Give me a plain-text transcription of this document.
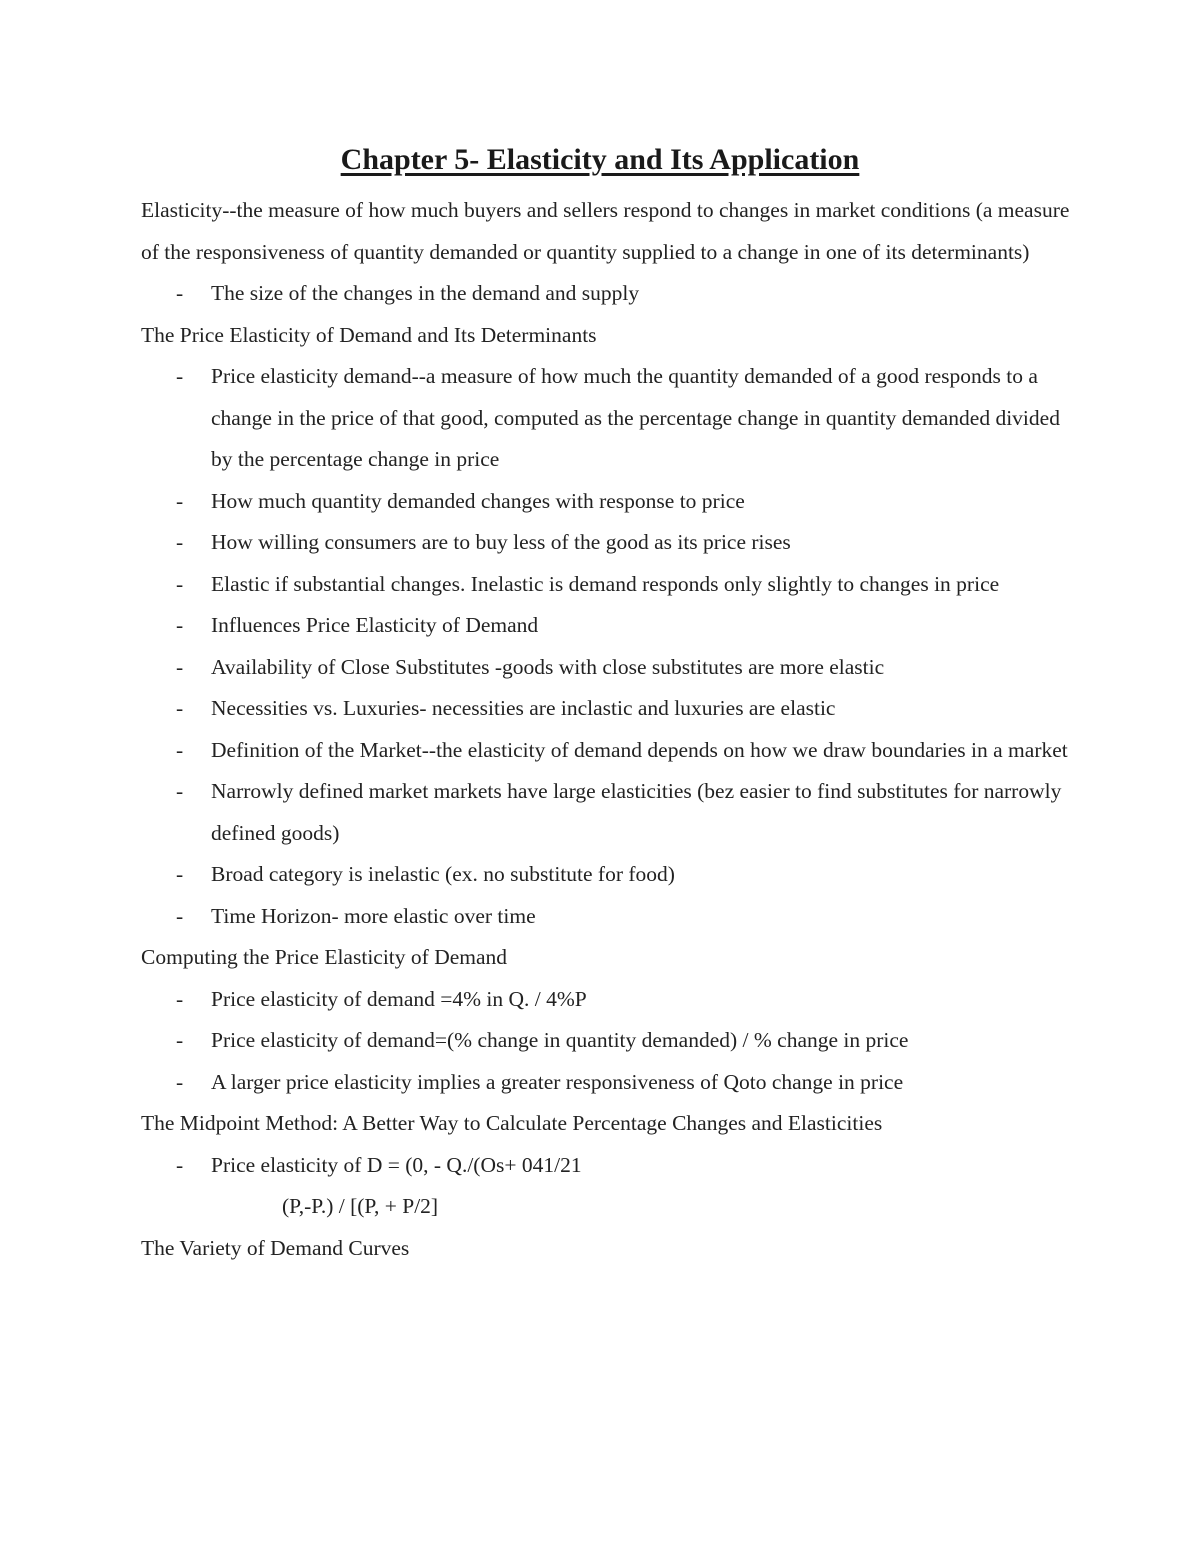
Chapter 5- Elasticity and Its Application

Elasticity--the measure of how much buyers and sellers respond to changes in market conditions (a measure of the responsiveness of quantity demanded or quantity supplied to a change in one of its determinants)

- The size of the changes in the demand and supply

The Price Elasticity of Demand and Its Determinants

- Price elasticity demand--a measure of how much the quantity demanded of a good responds to a change in the price of that good, computed as the percentage change in quantity demanded divided by the percentage change in price
- How much quantity demanded changes with response to price
- How willing consumers are to buy less of the good as its price rises
- Elastic if substantial changes. Inelastic is demand responds only slightly to changes in price
- Influences Price Elasticity of Demand
- Availability of Close Substitutes -goods with close substitutes are more elastic
- Necessities vs. Luxuries- necessities are inclastic and luxuries are elastic
- Definition of the Market--the elasticity of demand depends on how we draw boundaries in a market
- Narrowly defined market markets have large elasticities (bez easier to find substitutes for narrowly defined goods)
- Broad category is inelastic (ex. no substitute for food)
- Time Horizon- more elastic over time

Computing the Price Elasticity of Demand

- Price elasticity of demand =4% in Q. / 4%P
- Price elasticity of demand=(% change in quantity demanded) / % change in price
- A larger price elasticity implies a greater responsiveness of Qoto change in price

The Midpoint Method: A Better Way to Calculate Percentage Changes and Elasticities

- Price elasticity of D = (0, - Q./(Os+ 041/21

(P,-P.) / [(P, + P/2]

The Variety of Demand Curves
